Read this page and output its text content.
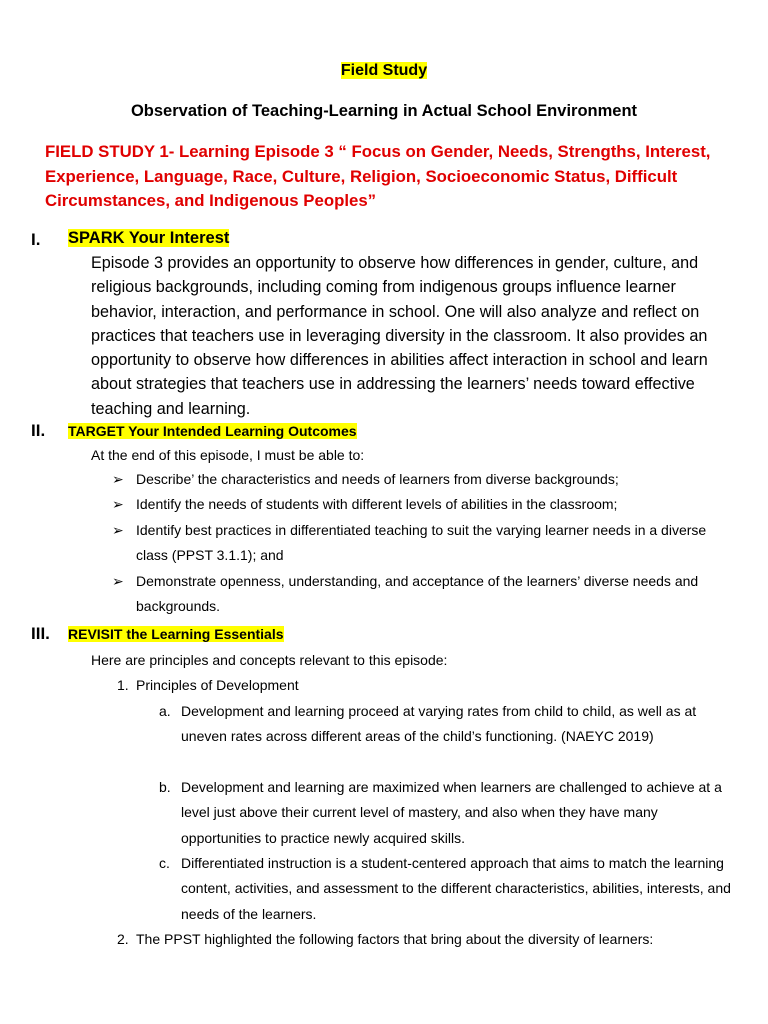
Field Study
Observation of Teaching-Learning in Actual School Environment
FIELD STUDY 1- Learning Episode 3 “ Focus on Gender, Needs, Strengths, Interest, Experience, Language, Race, Culture, Religion, Socioeconomic Status, Difficult Circumstances, and Indigenous Peoples”
I. SPARK Your Interest
Episode 3 provides an opportunity to observe how differences in gender, culture, and religious backgrounds, including coming from indigenous groups influence learner behavior, interaction, and performance in school. One will also analyze and reflect on practices that teachers use in leveraging diversity in the classroom. It also provides an opportunity to observe how differences in abilities affect interaction in school and learn about strategies that teachers use in addressing the learners’ needs toward effective teaching and learning.
II. TARGET Your Intended Learning Outcomes
At the end of this episode, I must be able to:
➢ Describe’ the characteristics and needs of learners from diverse backgrounds;
➢ Identify the needs of students with different levels of abilities in the classroom;
➢ Identify best practices in differentiated teaching to suit the varying learner needs in a diverse class (PPST 3.1.1); and
➢ Demonstrate openness, understanding, and acceptance of the learners’ diverse needs and backgrounds.
III. REVISIT the Learning Essentials
Here are principles and concepts relevant to this episode:
1. Principles of Development
a. Development and learning proceed at varying rates from child to child, as well as at uneven rates across different areas of the child’s functioning. (NAEYC 2019)
b. Development and learning are maximized when learners are challenged to achieve at a level just above their current level of mastery, and also when they have many opportunities to practice newly acquired skills.
c. Differentiated instruction is a student-centered approach that aims to match the learning content, activities, and assessment to the different characteristics, abilities, interests, and needs of the learners.
2. The PPST highlighted the following factors that bring about the diversity of learners:
